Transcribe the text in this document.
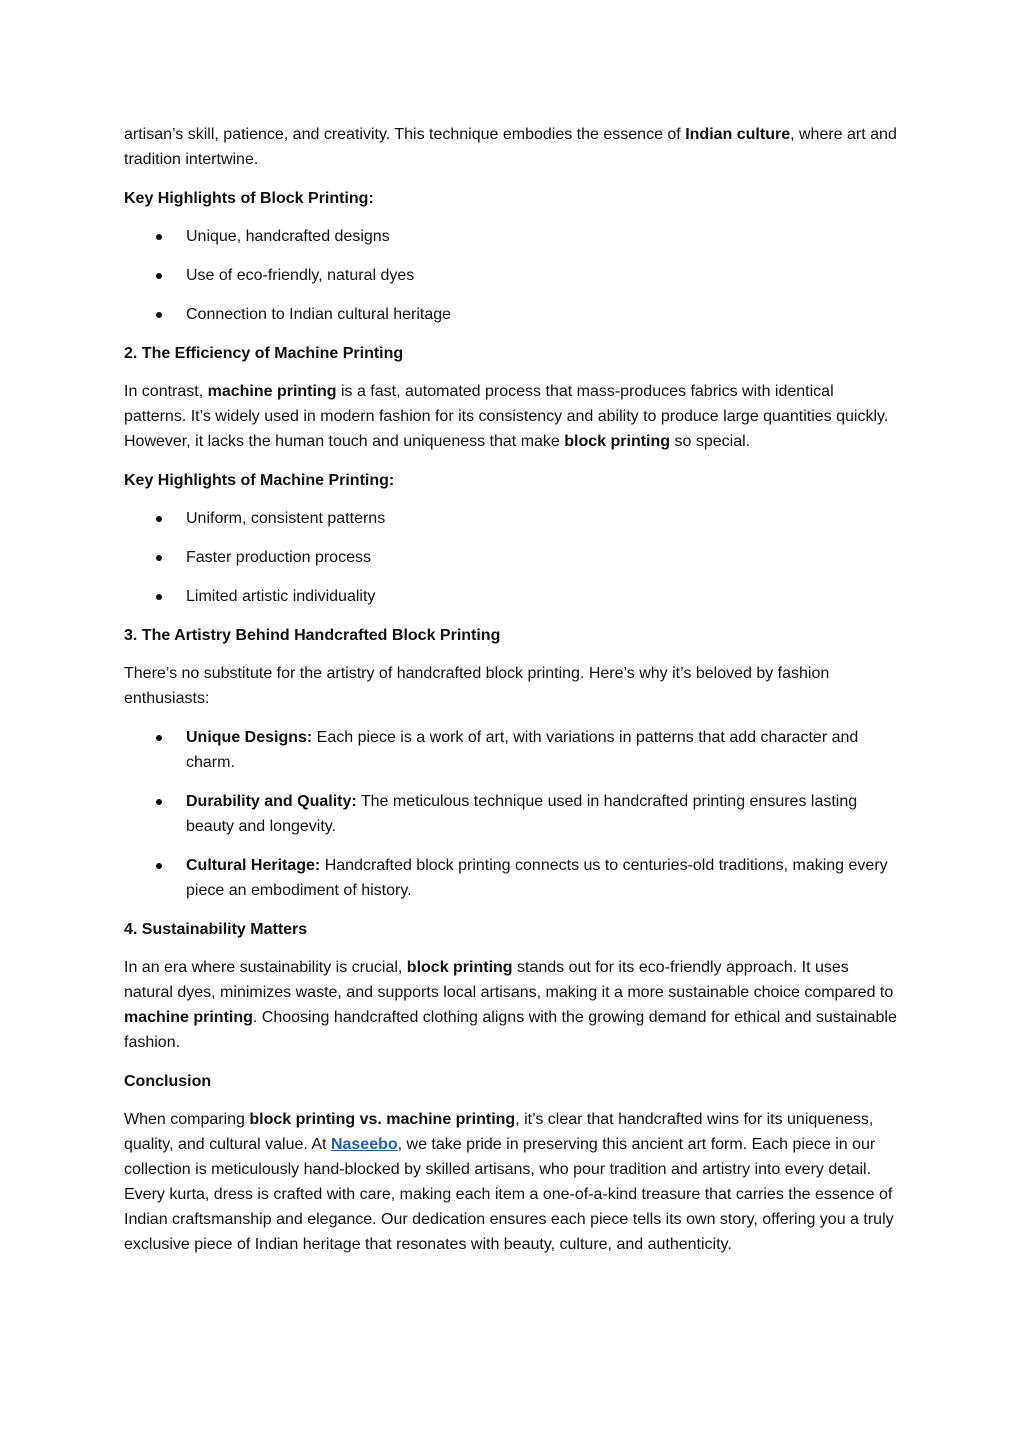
artisan’s skill, patience, and creativity. This technique embodies the essence of Indian culture, where art and tradition intertwine.

Key Highlights of Block Printing:

Unique, handcrafted designs
Use of eco-friendly, natural dyes
Connection to Indian cultural heritage

2. The Efficiency of Machine Printing

In contrast, machine printing is a fast, automated process that mass-produces fabrics with identical patterns. It’s widely used in modern fashion for its consistency and ability to produce large quantities quickly. However, it lacks the human touch and uniqueness that make block printing so special.

Key Highlights of Machine Printing:

Uniform, consistent patterns
Faster production process
Limited artistic individuality

3. The Artistry Behind Handcrafted Block Printing

There’s no substitute for the artistry of handcrafted block printing. Here’s why it’s beloved by fashion enthusiasts:

Unique Designs: Each piece is a work of art, with variations in patterns that add character and charm.
Durability and Quality: The meticulous technique used in handcrafted printing ensures lasting beauty and longevity.
Cultural Heritage: Handcrafted block printing connects us to centuries-old traditions, making every piece an embodiment of history.

4. Sustainability Matters

In an era where sustainability is crucial, block printing stands out for its eco-friendly approach. It uses natural dyes, minimizes waste, and supports local artisans, making it a more sustainable choice compared to machine printing. Choosing handcrafted clothing aligns with the growing demand for ethical and sustainable fashion.

Conclusion

When comparing block printing vs. machine printing, it’s clear that handcrafted wins for its uniqueness, quality, and cultural value. At Naseebo, we take pride in preserving this ancient art form. Each piece in our collection is meticulously hand-blocked by skilled artisans, who pour tradition and artistry into every detail. Every kurta, dress is crafted with care, making each item a one-of-a-kind treasure that carries the essence of Indian craftsmanship and elegance. Our dedication ensures each piece tells its own story, offering you a truly exclusive piece of Indian heritage that resonates with beauty, culture, and authenticity.
